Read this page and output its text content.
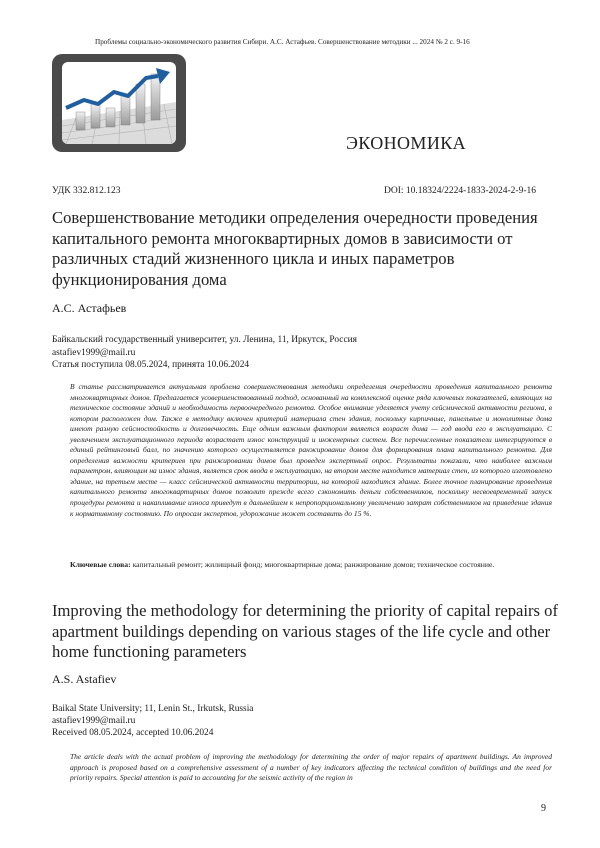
Проблемы социально-экономического развития Сибири. А.С. Астафьев. Совершенствование методики ... 2024 № 2 с. 9-16
ЭКОНОМИКА
УДК 332.812.123	DOI: 10.18324/2224-1833-2024-2-9-16
Совершенствование методики определения очередности проведения капитального ремонта многоквартирных домов в зависимости от различных стадий жизненного цикла и иных параметров функционирования дома
А.С. Астафьев
Байкальский государственный университет, ул. Ленина, 11, Иркутск, Россия
astafiev1999@mail.ru
Статья поступила 08.05.2024, принята 10.06.2024
В статье рассматривается актуальная проблема совершенствования методики определения очередности проведения капитального ремонта многоквартирных домов. Предлагается усовершенствованный подход, основанный на комплексной оценке ряда ключевых показателей, влияющих на техническое состояние зданий и необходимость первоочередного ремонта. Особое внимание уделяется учету сейсмической активности региона, в котором расположен дом. Также в методику включен критерий материала стен здания, поскольку кирпичные, панельные и монолитные дома имеют разную сейсмостойкость и долговечность. Еще одним важным фактором является возраст дома — год ввода его в эксплуатацию. С увеличением эксплуатационного периода возрастает износ конструкций и инженерных систем. Все перечисленные показатели интегрируются в единый рейтинговый балл, по значению которого осуществляется ранжирование домов для формирования плана капитального ремонта. Для определения важности критериев при ранжировании домов был проведен экспертный опрос. Результаты показали, что наиболее важным параметром, влияющим на износ здания, является срок ввода в эксплуатацию, на втором месте находится материал стен, из которого изготовлено здание, на третьем месте — класс сейсмической активности территории, на которой находится здание. Более точное планирование проведения капитального ремонта многоквартирных домов позволит прежде всего сэкономить деньги собственников, поскольку несвоевременный запуск процедуры ремонта и накапливание износа приведут в дальнейшем к непропорциональному увеличению затрат собственников на приведение здания к нормативному состоянию. По опросам экспертов, удорожание может составить до 15 %.
Ключевые слова: капитальный ремонт; жилищный фонд; многоквартирные дома; ранжирование домов; техническое состояние.
Improving the methodology for determining the priority of capital repairs of apartment buildings depending on various stages of the life cycle and other home functioning parameters
A.S. Astafiev
Baikal State University; 11, Lenin St., Irkutsk, Russia
astafiev1999@mail.ru
Received 08.05.2024, accepted 10.06.2024
The article deals with the actual problem of improving the methodology for determining the order of major repairs of apartment buildings. An improved approach is proposed based on a comprehensive assessment of a number of key indicators affecting the technical condition of buildings and the need for priority repairs. Special attention is paid to accounting for the seismic activity of the region in
9
